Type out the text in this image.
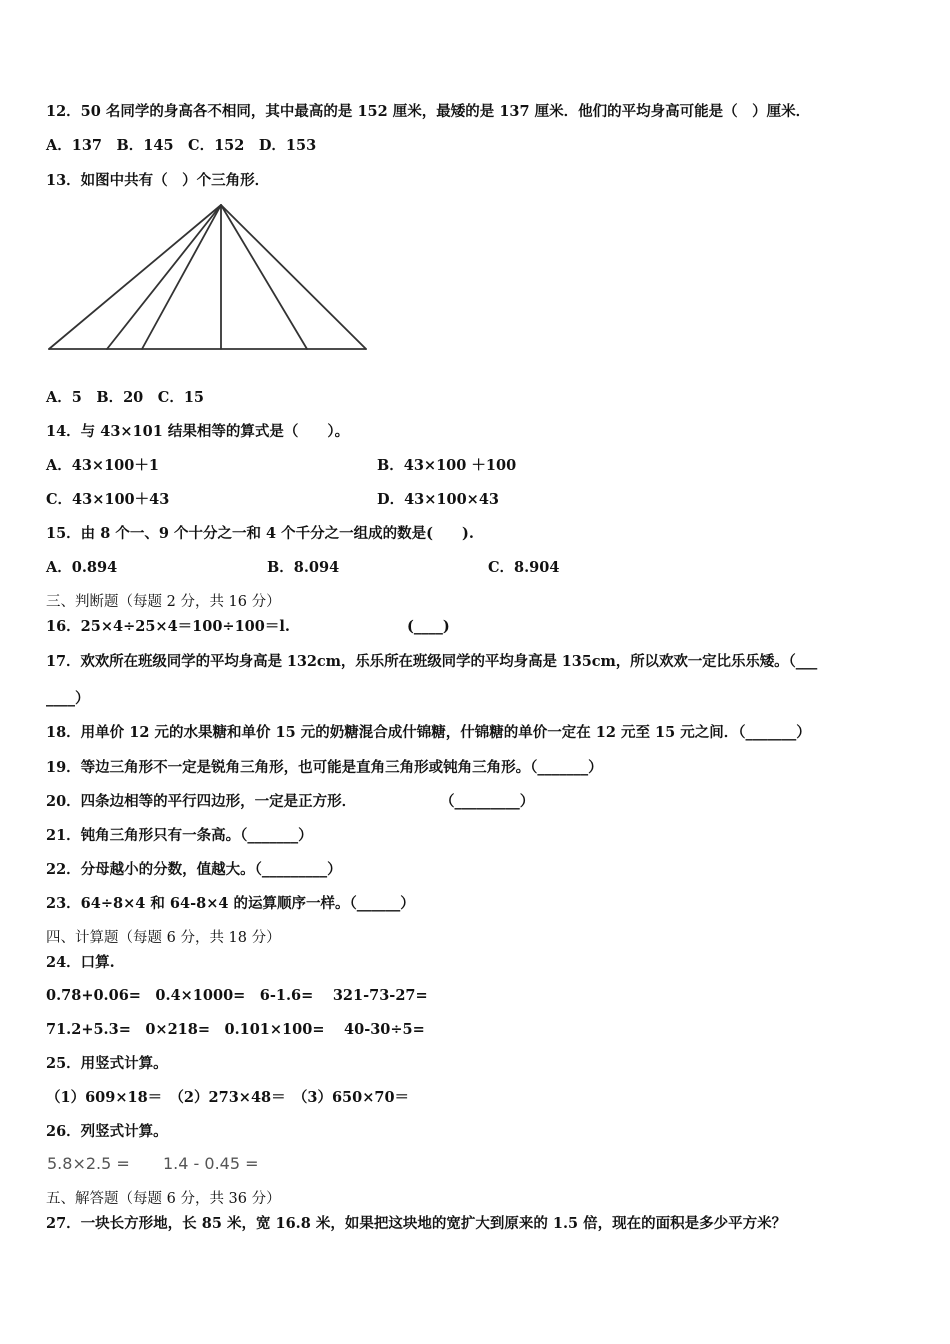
12．50 名同学的身高各不相同，其中最高的是 152 厘米，最矮的是 137 厘米．他们的平均身高可能是（　）厘米．
A．137　B．145　C．152　D．153
13．如图中共有（　）个三角形．
A．5　B．20　C．15
14．与 43×101 结果相等的算式是（　　）。
A．43×100＋1	B．43×100 ＋100
C．43×100＋43	D．43×100×43
15．由 8 个一、9 个十分之一和 4 个千分之一组成的数是(　　).
A．0.894	B．8.094	C．8.904
三、判断题（每题 2 分，共 16 分）
16．25×4÷25×4＝100÷100＝l.	(____)
17．欢欢所在班级同学的平均身高是 132cm，乐乐所在班级同学的平均身高是 135cm，所以欢欢一定比乐乐矮。（___
____）
18．用单价 12 元的水果糖和单价 15 元的奶糖混合成什锦糖，什锦糖的单价一定在 12 元至 15 元之间．（_______）
19．等边三角形不一定是锐角三角形，也可能是直角三角形或钝角三角形。（_______）
20．四条边相等的平行四边形，一定是正方形．	（_________）
21．钝角三角形只有一条高。（_______）
22．分母越小的分数，值越大。（_________）
23．64÷8×4 和 64-8×4 的运算顺序一样。（______）
四、计算题（每题 6 分，共 18 分）
24．口算.
0.78+0.06=　0.4×1000=　6-1.6=　 321-73-27=
71.2+5.3=　0×218=　0.101×100=　 40-30÷5=
25．用竖式计算。
（1）609×18＝　（2）273×48＝　（3）650×70＝
26．列竖式计算。
5.8×2.5 = 1.4 - 0.45 =
五、解答题（每题 6 分，共 36 分）
27．一块长方形地，长 85 米，宽 16.8 米，如果把这块地的宽扩大到原来的 1.5 倍，现在的面积是多少平方米？
